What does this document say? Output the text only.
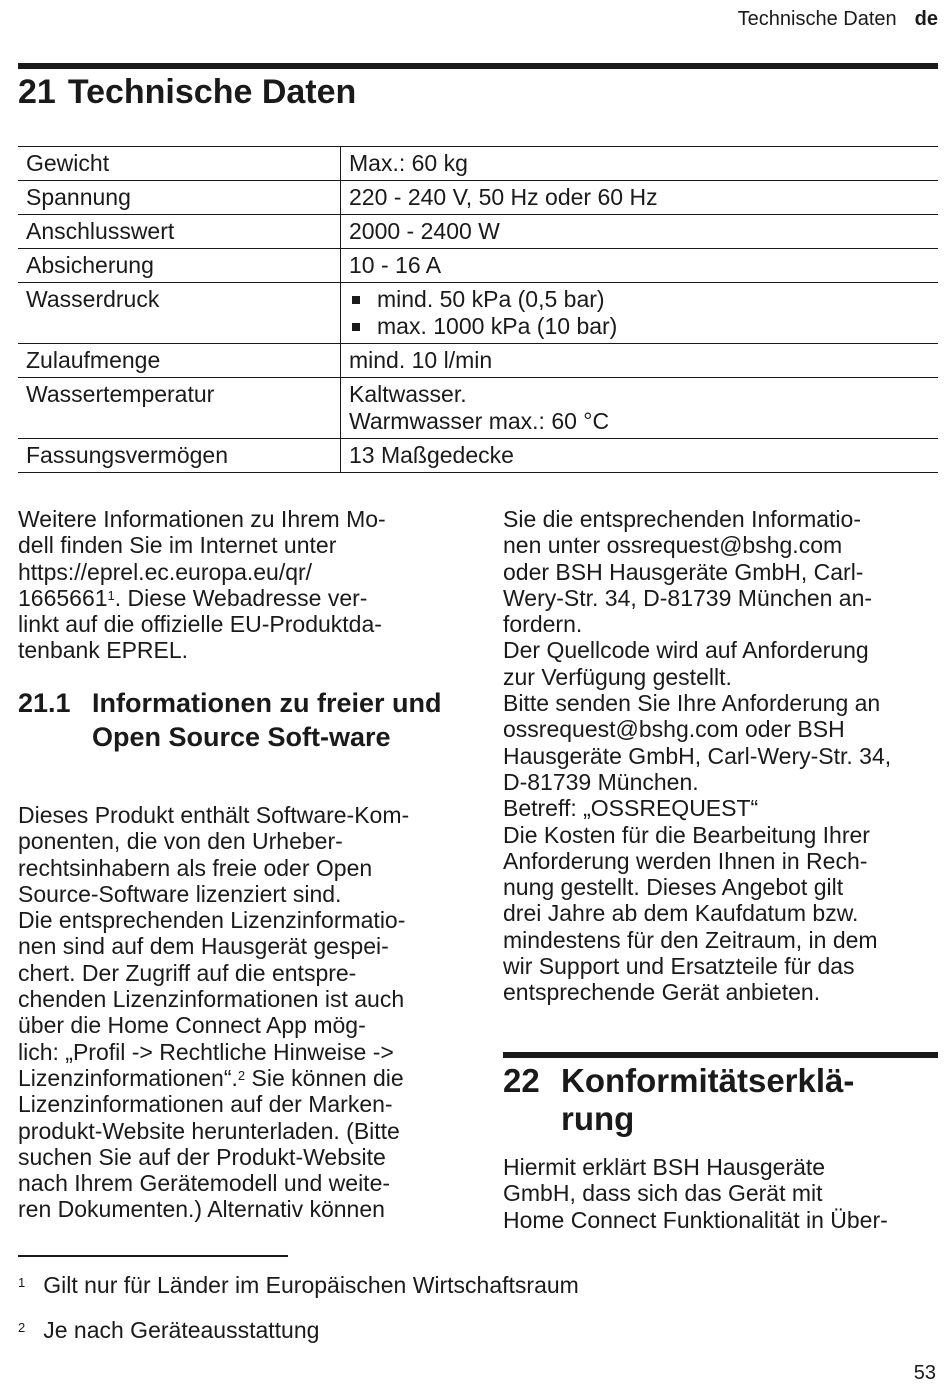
Technische Daten de
21 Technische Daten
Gewicht	Max.: 60 kg
Spannung	220 - 240 V, 50 Hz oder 60 Hz
Anschlusswert	2000 - 2400 W
Absicherung	10 - 16 A
Wasserdruck	mind. 50 kPa (0,5 bar)
max. 1000 kPa (10 bar)

Zulaufmenge	mind. 10 l/min
Wassertemperatur	Kaltwasser.
Warmwasser max.: 60 °C

Fassungsvermögen	13 Maßgedecke

Weitere Informationen zu Ihrem Mo-

dell finden Sie im Internet unter

https://eprel.ec.europa.eu/qr/

1665661$^1$. Diese Webadresse ver-

linkt auf die offizielle EU-Produktda-

tenbank EPREL.

21.1 Informationen zu freier und Open Source Soft-ware

Dieses Produkt enthält Software-Kom-

ponenten, die von den Urheber-

rechtsinhabern als freie oder Open

Source-Software lizenziert sind.

Die entsprechenden Lizenzinformatio-

nen sind auf dem Hausgerät gespei-

chert. Der Zugriff auf die entspre-

chenden Lizenzinformationen ist auch

über die Home Connect App mög-

lich: „Profil -> Rechtliche Hinweise ->

Lizenzinformationen“.$^2$ Sie können die

Lizenzinformationen auf der Marken-

produkt-Website herunterladen. (Bitte

suchen Sie auf der Produkt-Website

nach Ihrem Gerätemodell und weite-

ren Dokumenten.) Alternativ können

Sie die entsprechenden Informatio-

nen unter ossrequest@bshg.com

oder BSH Hausgeräte GmbH, Carl-

Wery-Str. 34, D-81739 München an-

fordern.

Der Quellcode wird auf Anforderung

zur Verfügung gestellt.

Bitte senden Sie Ihre Anforderung an

ossrequest@bshg.com oder BSH

Hausgeräte GmbH, Carl-Wery-Str. 34,

D-81739 München.

Betreff: „OSSREQUEST“

Die Kosten für die Bearbeitung Ihrer

Anforderung werden Ihnen in Rech-

nung gestellt. Dieses Angebot gilt

drei Jahre ab dem Kaufdatum bzw.

mindestens für den Zeitraum, in dem

wir Support und Ersatzteile für das

entsprechende Gerät anbieten.

22 Konformitätserklä-
rung

Hiermit erklärt BSH Hausgeräte

GmbH, dass sich das Gerät mit

Home Connect Funktionalität in Über-

$^1$ Gilt nur für Länder im Europäischen Wirtschaftsraum
$^2$ Je nach Geräteausstattung
53
